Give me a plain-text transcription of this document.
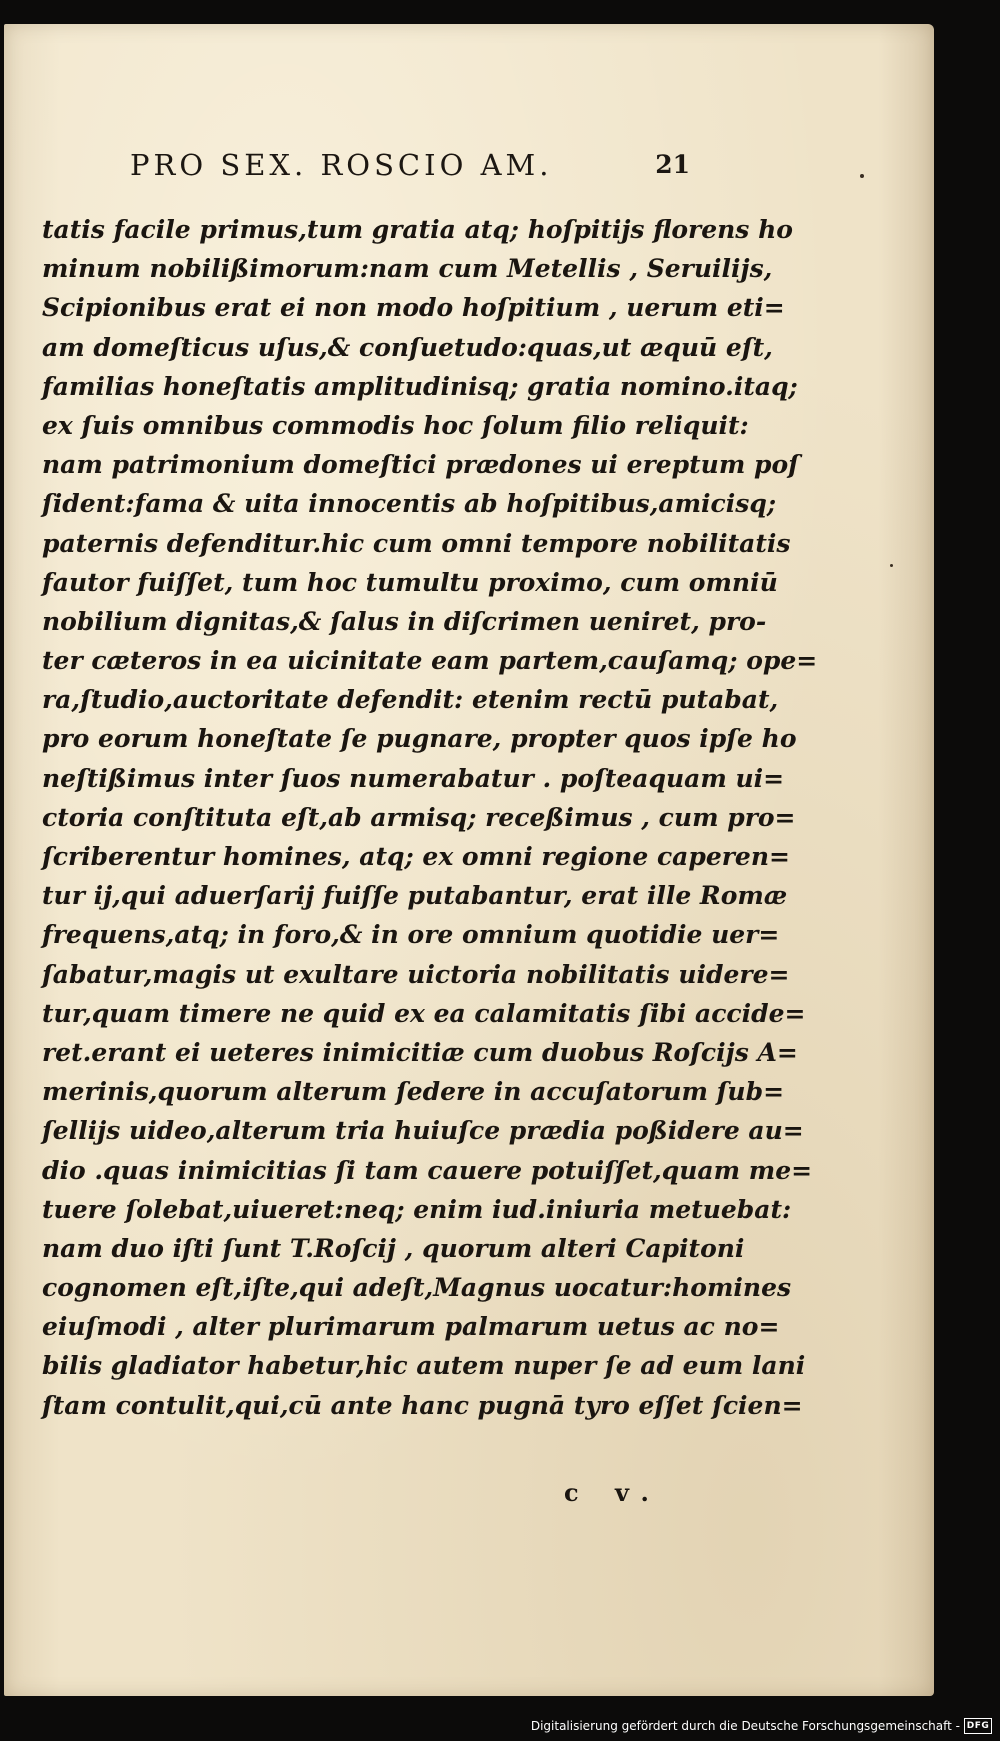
PRO SEX. ROSCIO AM.	21
tatis facile primus,tum gratia atq; hoſpitijs florens ho
minum nobilißimorum:nam cum Metellis , Seruilijs,
Scipionibus erat ei non modo hoſpitium , uerum eti=
am domeſticus uſus,& conſuetudo:quas,ut æquū eſt,
familias honeſtatis amplitudinisq; gratia nomino.itaq;
ex ſuis omnibus commodis hoc ſolum filio reliquit:
nam patrimonium domeſtici prædones ui ereptum poſ
ſident:fama & uita innocentis ab hoſpitibus,amicisq;
paternis defenditur.hic cum omni tempore nobilitatis
fautor fuiſſet, tum hoc tumultu proximo, cum omniū
nobilium dignitas,& ſalus in diſcrimen ueniret, pro-
ter cæteros in ea uicinitate eam partem,cauſamq; ope=
ra,ſtudio,auctoritate defendit: etenim rectū putabat,
pro eorum honeſtate ſe pugnare, propter quos ipſe ho
neſtißimus inter ſuos numerabatur . poſteaquam ui=
ctoria conſtituta eſt,ab armisq; receßimus , cum pro=
ſcriberentur homines, atq; ex omni regione caperen=
tur ij,qui aduerſarij fuiſſe putabantur, erat ille Romæ
frequens,atq; in foro,& in ore omnium quotidie uer=
ſabatur,magis ut exultare uictoria nobilitatis uidere=
tur,quam timere ne quid ex ea calamitatis ſibi accide=
ret.erant ei ueteres inimicitiæ cum duobus Roſcijs A=
merinis,quorum alterum ſedere in accuſatorum ſub=
ſellijs uideo,alterum tria huiuſce prædia poßidere au=
dio .quas inimicitias ſi tam cauere potuiſſet,quam me=
tuere ſolebat,uiueret:neq; enim iud.iniuria metuebat:
nam duo iſti ſunt T.Roſcij , quorum alteri Capitoni
cognomen eſt,iſte,qui adeſt,Magnus uocatur:homines
eiuſmodi , alter plurimarum palmarum uetus ac no=
bilis gladiator habetur,hic autem nuper ſe ad eum lani
ſtam contulit,qui,cū ante hanc pugnā tyro eſſet ſcien=
c v.
Digitalisierung gefördert durch die Deutsche Forschungsgemeinschaft - DFG
